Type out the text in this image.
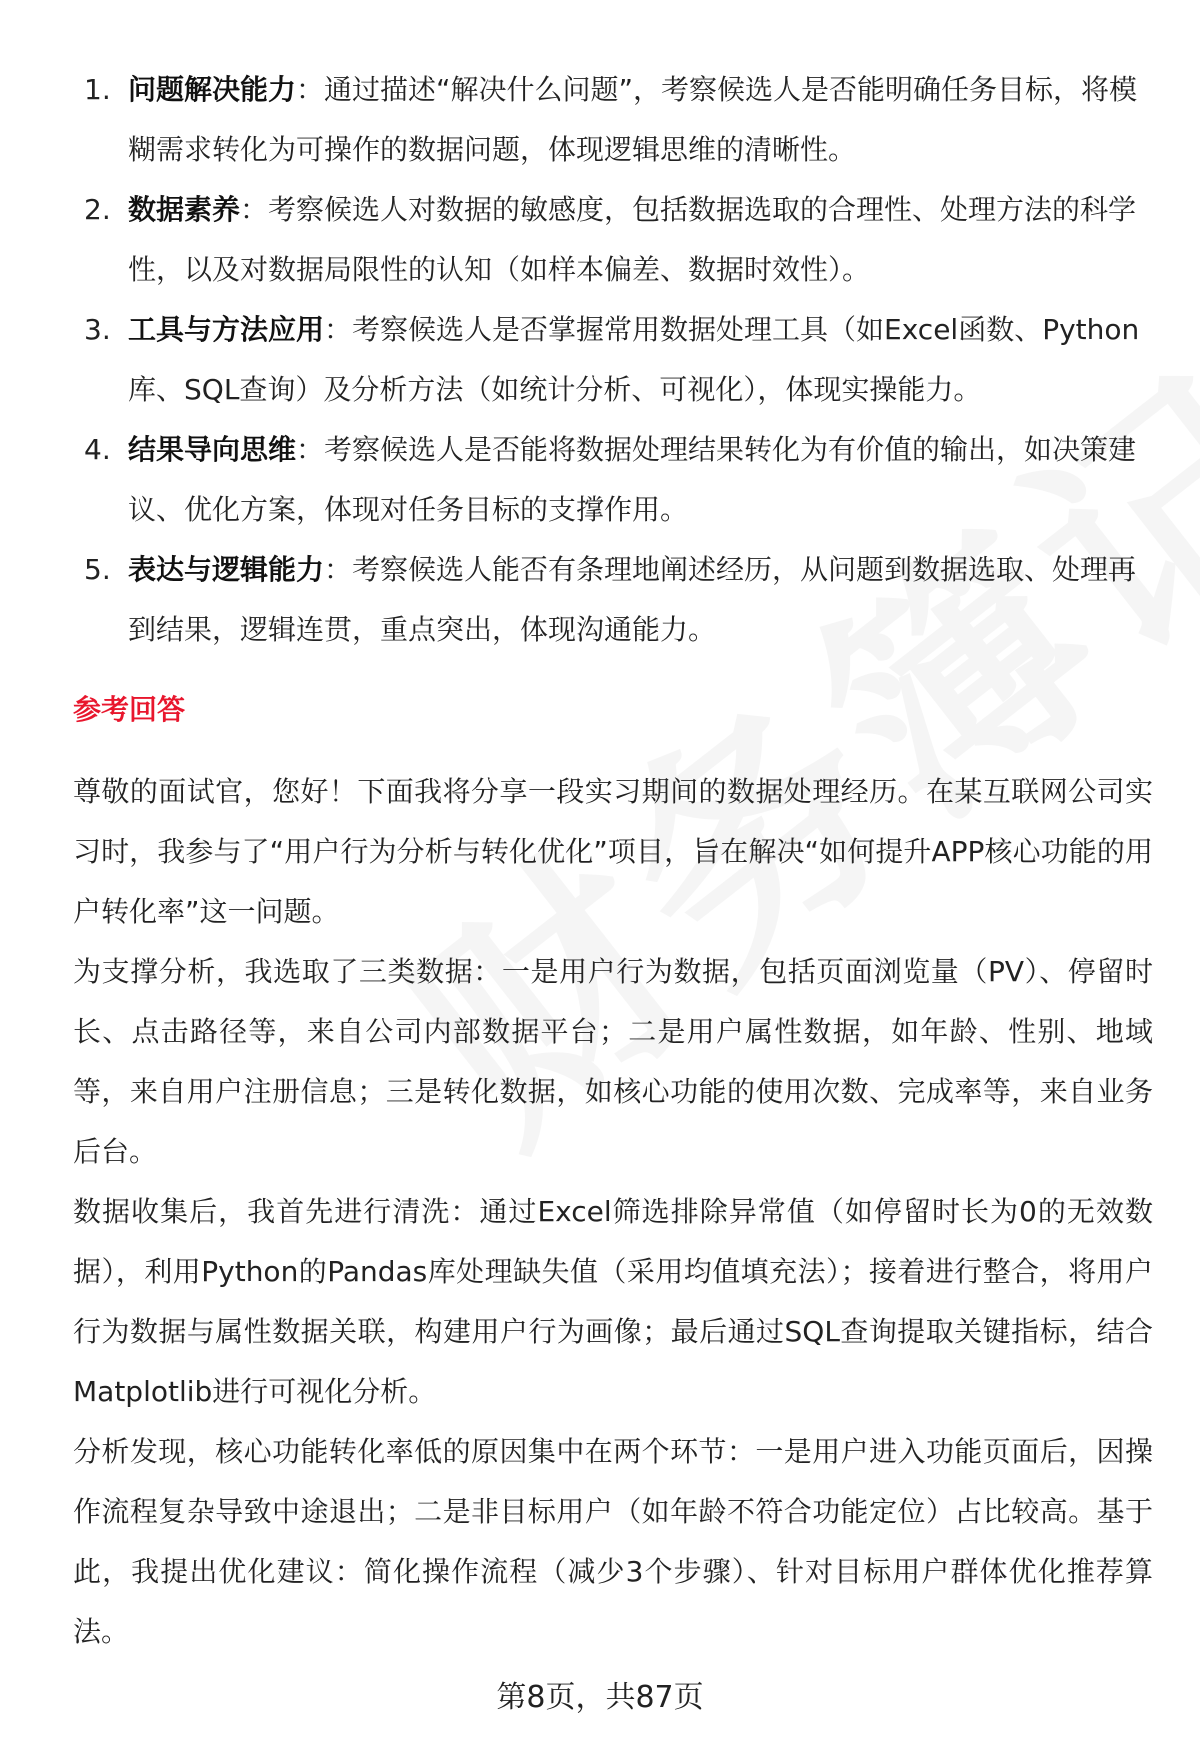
1. 问题解决能力：通过描述“解决什么问题”，考察候选人是否能明确任务目标，将模糊需求转化为可操作的数据问题，体现逻辑思维的清晰性。

2. 数据素养：考察候选人对数据的敏感度，包括数据选取的合理性、处理方法的科学性，以及对数据局限性的认知（如样本偏差、数据时效性）。

3. 工具与方法应用：考察候选人是否掌握常用数据处理工具（如Excel函数、Python库、SQL查询）及分析方法（如统计分析、可视化），体现实操能力。

4. 结果导向思维：考察候选人是否能将数据处理结果转化为有价值的输出，如决策建议、优化方案，体现对任务目标的支撑作用。

5. 表达与逻辑能力：考察候选人能否有条理地阐述经历，从问题到数据选取、处理再到结果，逻辑连贯，重点突出，体现沟通能力。

参考回答

尊敬的面试官，您好！下面我将分享一段实习期间的数据处理经历。在某互联网公司实习时，我参与了“用户行为分析与转化优化”项目，旨在解决“如何提升APP核心功能的用户转化率”这一问题。

为支撑分析，我选取了三类数据：一是用户行为数据，包括页面浏览量（PV）、停留时长、点击路径等，来自公司内部数据平台；二是用户属性数据，如年龄、性别、地域等，来自用户注册信息；三是转化数据，如核心功能的使用次数、完成率等，来自业务后台。

数据收集后，我首先进行清洗：通过Excel筛选排除异常值（如停留时长为0的无效数据），利用Python的Pandas库处理缺失值（采用均值填充法）；接着进行整合，将用户行为数据与属性数据关联，构建用户行为画像；最后通过SQL查询提取关键指标，结合Matplotlib进行可视化分析。

分析发现，核心功能转化率低的原因集中在两个环节：一是用户进入功能页面后，因操作流程复杂导致中途退出；二是非目标用户（如年龄不符合功能定位）占比较高。基于此，我提出优化建议：简化操作流程（减少3个步骤）、针对目标用户群体优化推荐算法。

第8页，共87页
